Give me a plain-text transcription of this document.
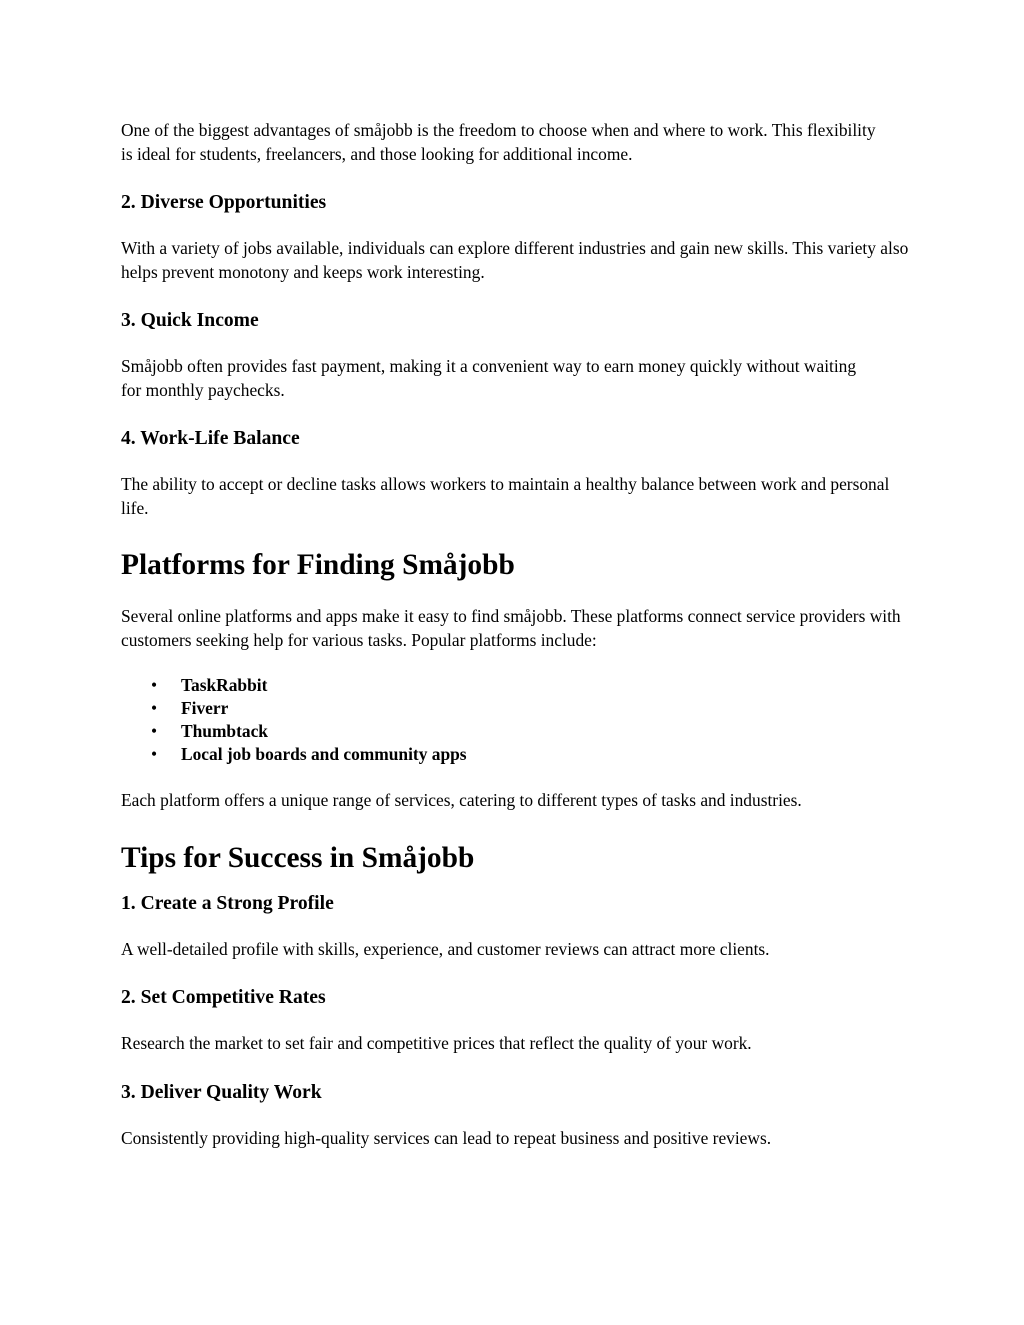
One of the biggest advantages of småjobb is the freedom to choose when and where to work. This flexibility is ideal for students, freelancers, and those looking for additional income.

2. Diverse Opportunities

With a variety of jobs available, individuals can explore different industries and gain new skills. This variety also helps prevent monotony and keeps work interesting.

3. Quick Income

Småjobb often provides fast payment, making it a convenient way to earn money quickly without waiting for monthly paychecks.

4. Work-Life Balance

The ability to accept or decline tasks allows workers to maintain a healthy balance between work and personal life.

Platforms for Finding Småjobb

Several online platforms and apps make it easy to find småjobb. These platforms connect service providers with customers seeking help for various tasks. Popular platforms include:

• TaskRabbit
• Fiverr
• Thumbtack
• Local job boards and community apps

Each platform offers a unique range of services, catering to different types of tasks and industries.

Tips for Success in Småjobb
1. Create a Strong Profile

A well-detailed profile with skills, experience, and customer reviews can attract more clients.

2. Set Competitive Rates

Research the market to set fair and competitive prices that reflect the quality of your work.

3. Deliver Quality Work

Consistently providing high-quality services can lead to repeat business and positive reviews.
